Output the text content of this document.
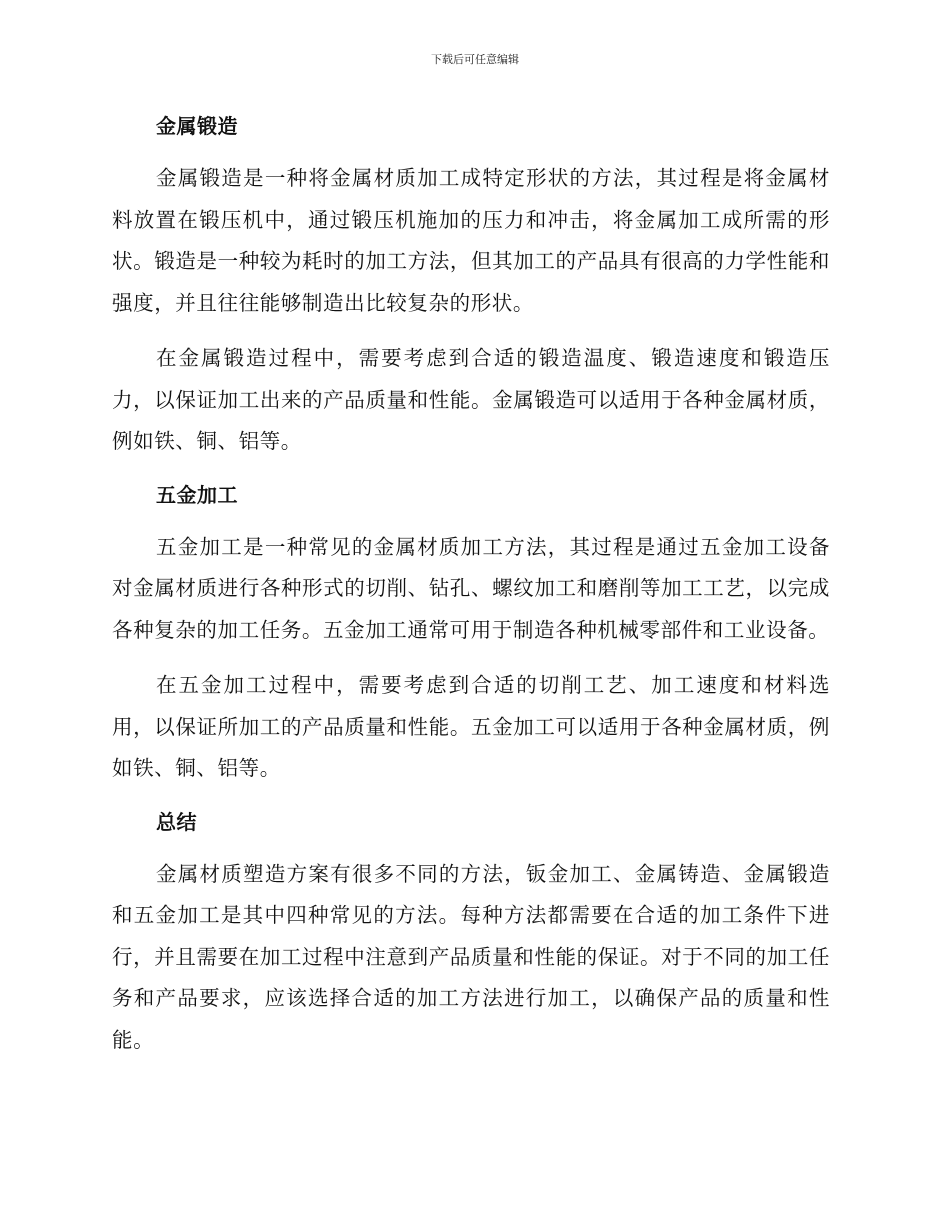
下载后可任意编辑
金属锻造

金属锻造是一种将金属材质加工成特定形状的方法，其过程是将金属材料放置在锻压机中，通过锻压机施加的压力和冲击，将金属加工成所需的形状。锻造是一种较为耗时的加工方法，但其加工的产品具有很高的力学性能和强度，并且往往能够制造出比较复杂的形状。

在金属锻造过程中，需要考虑到合适的锻造温度、锻造速度和锻造压力，以保证加工出来的产品质量和性能。金属锻造可以适用于各种金属材质，例如铁、铜、铝等。

五金加工

五金加工是一种常见的金属材质加工方法，其过程是通过五金加工设备对金属材质进行各种形式的切削、钻孔、螺纹加工和磨削等加工工艺，以完成各种复杂的加工任务。五金加工通常可用于制造各种机械零部件和工业设备。

在五金加工过程中，需要考虑到合适的切削工艺、加工速度和材料选用，以保证所加工的产品质量和性能。五金加工可以适用于各种金属材质，例如铁、铜、铝等。

总结

金属材质塑造方案有很多不同的方法，钣金加工、金属铸造、金属锻造和五金加工是其中四种常见的方法。每种方法都需要在合适的加工条件下进行，并且需要在加工过程中注意到产品质量和性能的保证。对于不同的加工任务和产品要求，应该选择合适的加工方法进行加工，以确保产品的质量和性能。
